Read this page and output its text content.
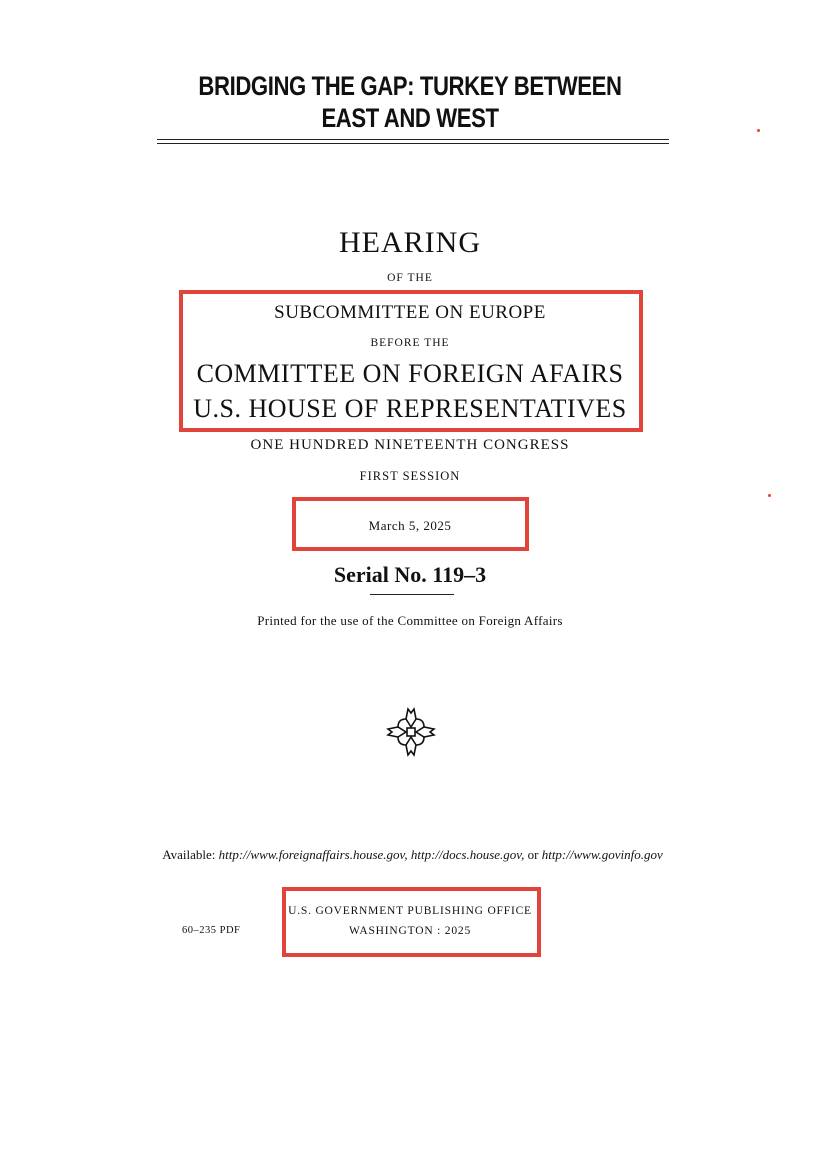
BRIDGING THE GAP: TURKEY BETWEEN EAST AND WEST
HEARING
OF THE
SUBCOMMITTEE ON EUROPE
BEFORE THE
COMMITTEE ON FOREIGN AFAIRS
U.S. HOUSE OF REPRESENTATIVES
ONE HUNDRED NINETEENTH CONGRESS
FIRST SESSION
March 5, 2025
Serial No. 119–3
Printed for the use of the Committee on Foreign Affairs
Available: http://www.foreignaffairs.house.gov, http://docs.house.gov, or http://www.govinfo.gov
U.S. GOVERNMENT PUBLISHING OFFICE
WASHINGTON : 2025
60–235 PDF
